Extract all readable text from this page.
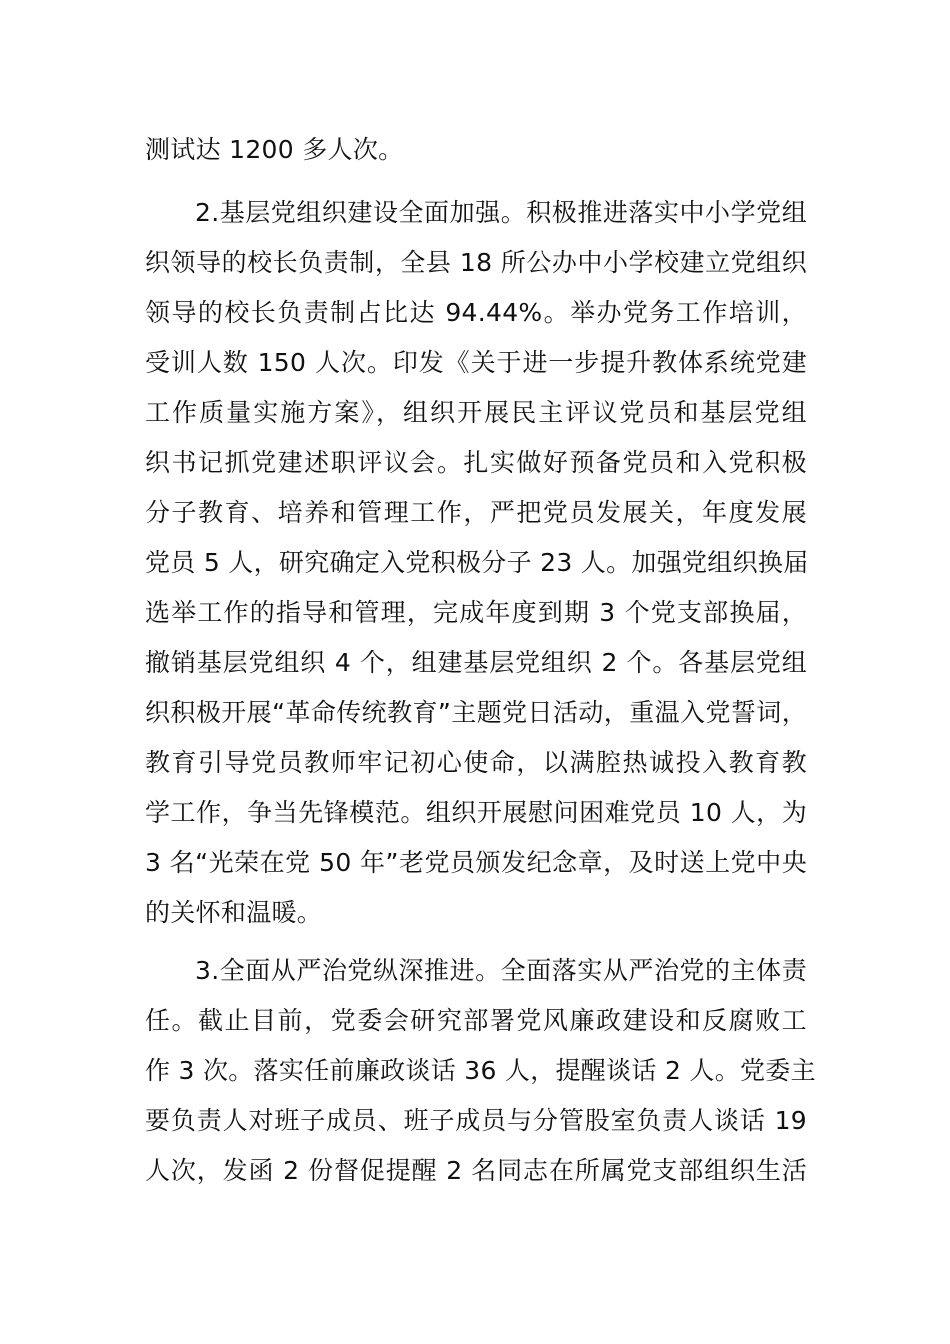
测试达 1200 多人次。
2.基层党组织建设全面加强。积极推进落实中小学党组
织领导的校长负责制，全县 18 所公办中小学校建立党组织
领导的校长负责制占比达 94.44%。举办党务工作培训，
受训人数 150 人次。印发《关于进一步提升教体系统党建
工作质量实施方案》，组织开展民主评议党员和基层党组
织书记抓党建述职评议会。扎实做好预备党员和入党积极
分子教育、培养和管理工作，严把党员发展关，年度发展
党员 5 人，研究确定入党积极分子 23 人。加强党组织换届
选举工作的指导和管理，完成年度到期 3 个党支部换届，
撤销基层党组织 4 个，组建基层党组织 2 个。各基层党组
织积极开展“革命传统教育”主题党日活动，重温入党誓词，
教育引导党员教师牢记初心使命，以满腔热诚投入教育教
学工作，争当先锋模范。组织开展慰问困难党员 10 人，为
3 名“光荣在党 50 年”老党员颁发纪念章，及时送上党中央
的关怀和温暖。
3.全面从严治党纵深推进。全面落实从严治党的主体责
任。截止目前，党委会研究部署党风廉政建设和反腐败工
作 3 次。落实任前廉政谈话 36 人，提醒谈话 2 人。党委主
要负责人对班子成员、班子成员与分管股室负责人谈话 19
人次，发函 2 份督促提醒 2 名同志在所属党支部组织生活
